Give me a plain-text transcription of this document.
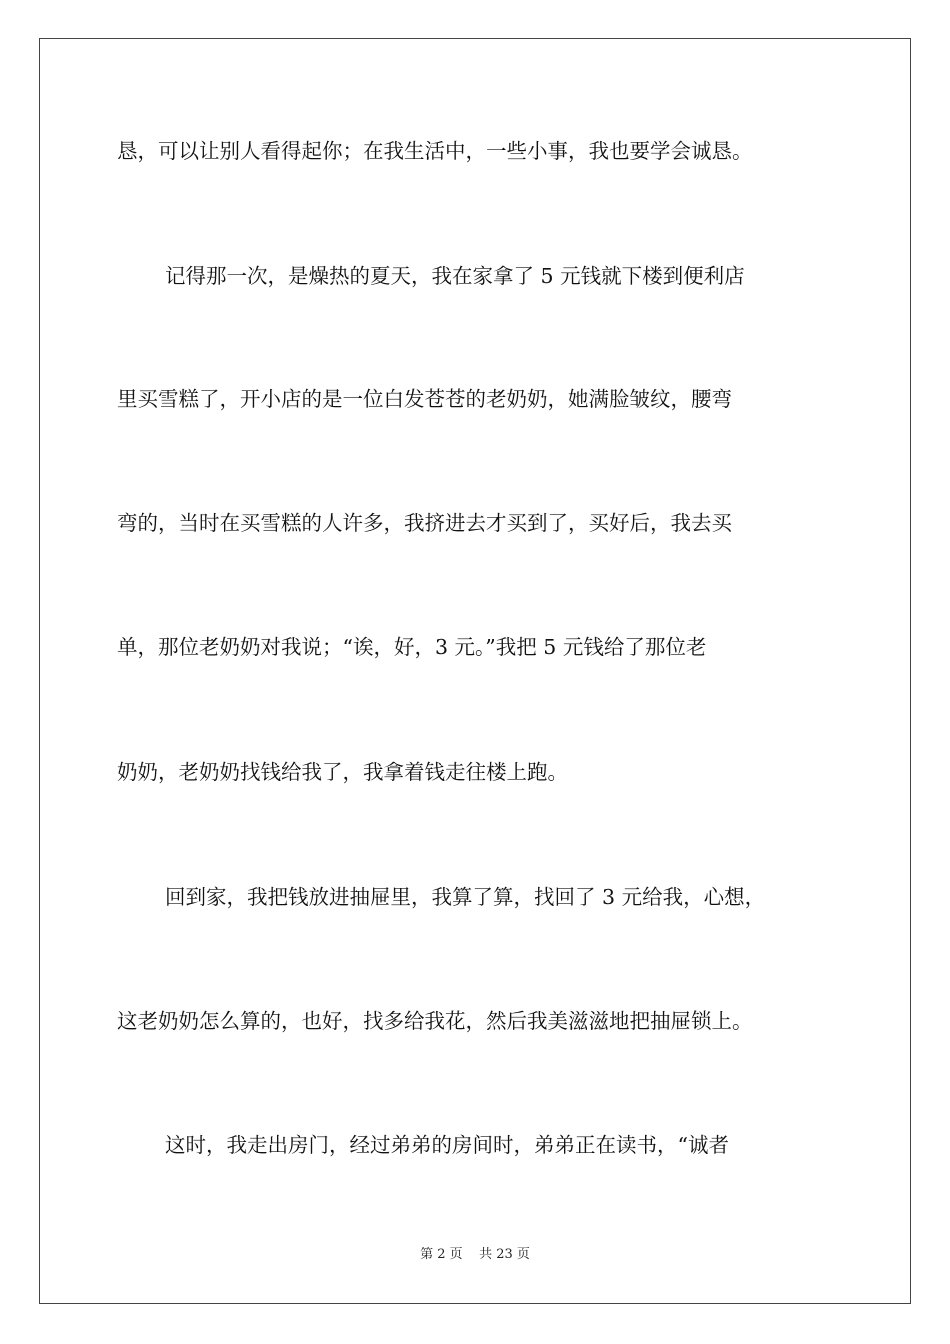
恳，可以让别人看得起你；在我生活中，一些小事，我也要学会诚恳。
记得那一次，是燥热的夏天，我在家拿了 5 元钱就下楼到便利店
里买雪糕了，开小店的是一位白发苍苍的老奶奶，她满脸皱纹，腰弯
弯的，当时在买雪糕的人许多，我挤进去才买到了，买好后，我去买
单，那位老奶奶对我说；“诶，好，3 元。”我把 5 元钱给了那位老
奶奶，老奶奶找钱给我了，我拿着钱走往楼上跑。
回到家，我把钱放进抽屉里，我算了算，找回了 3 元给我，心想，
这老奶奶怎么算的，也好，找多给我花，然后我美滋滋地把抽屉锁上。
这时，我走出房门，经过弟弟的房间时，弟弟正在读书，“诚者
第 2 页    共 23 页
